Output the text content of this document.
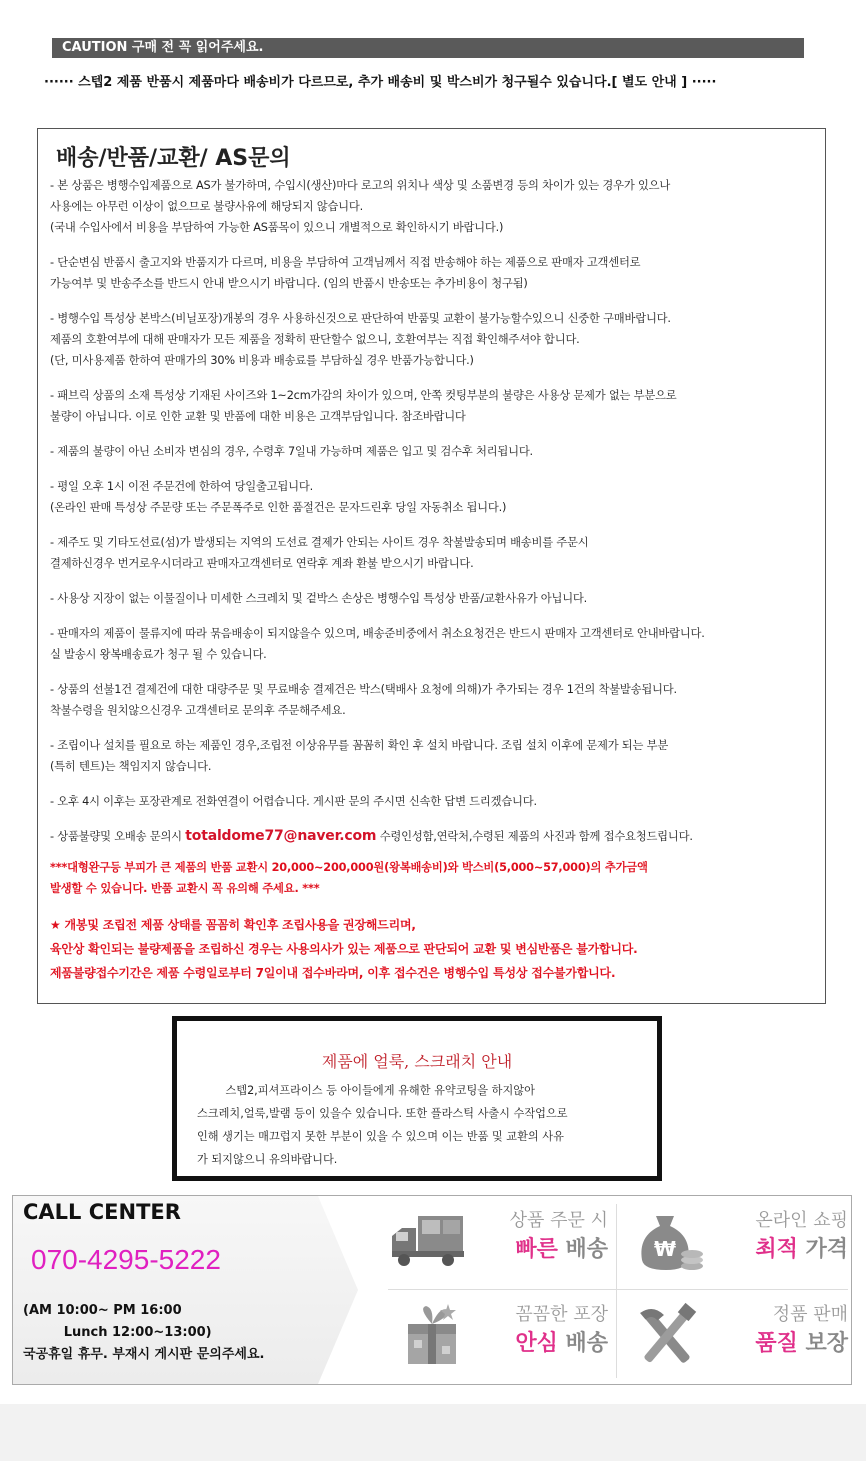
CAUTION 구매 전 꼭 읽어주세요.
······ 스텝2 제품 반품시 제품마다 배송비가 다르므로, 추가 배송비 및 박스비가 청구될수 있습니다.[ 별도 안내 ] ·····
배송/반품/교환/ AS문의
- 본 상품은 병행수입제품으로 AS가 불가하며, 수입시(생산)마다 로고의 위치나 색상 및 소품변경 등의 차이가 있는 경우가 있으나
사용에는 아무런 이상이 없으므로 불량사유에 해당되지 않습니다.
(국내 수입사에서 비용을 부담하여 가능한 AS품목이 있으니 개별적으로 확인하시기 바랍니다.)
- 단순변심 반품시 출고지와 반품지가 다르며, 비용을 부담하여 고객님께서 직접 반송해야 하는 제품으로 판매자 고객센터로
가능여부 및 반송주소를 반드시 안내 받으시기 바랍니다. (임의 반품시 반송또는 추가비용이 청구됨)
- 병행수입 특성상 본박스(비닐포장)개봉의 경우 사용하신것으로 판단하여 반품및 교환이 불가능할수있으니 신중한 구매바랍니다.
제품의 호환여부에 대해 판매자가 모든 제품을 정확히 판단할수 없으니, 호환여부는 직접 확인해주셔야 합니다.
(단, 미사용제품 한하여 판매가의 30% 비용과 배송료를 부담하실 경우 반품가능합니다.)
- 패브릭 상품의 소재 특성상 기재된 사이즈와 1~2cm가감의 차이가 있으며, 안쪽 컷팅부분의 불량은 사용상 문제가 없는 부분으로
불량이 아닙니다. 이로 인한 교환 및 반품에 대한 비용은 고객부담입니다. 참조바랍니다
- 제품의 불량이 아닌 소비자 변심의 경우, 수령후 7일내 가능하며 제품은 입고 및 검수후 처리됩니다.
- 평일 오후 1시 이전 주문건에 한하여 당일출고됩니다.
(온라인 판매 특성상 주문량 또는 주문폭주로 인한 품절건은 문자드린후 당일 자동취소 됩니다.)
- 제주도 및 기타도선료(섬)가 발생되는 지역의 도선료 결제가 안되는 사이트 경우 착불발송되며 배송비를 주문시
결제하신경우 번거로우시더라고 판매자고객센터로 연락후 계좌 환불 받으시기 바랍니다.
- 사용상 지장이 없는 이물질이나 미세한 스크레치 및 겉박스 손상은 병행수입 특성상 반품/교환사유가 아닙니다.
- 판매자의 제품이 물류지에 따라 묶음배송이 되지않을수 있으며, 배송준비중에서 취소요청건은 반드시 판매자 고객센터로 안내바랍니다.
실 발송시 왕복배송료가 청구 될 수 있습니다.
- 상품의 선불1건 결제건에 대한 대량주문 및 무료배송 결제건은 박스(택배사 요청에 의해)가 추가되는 경우 1건의 착불발송됩니다.
착불수령을 원치않으신경우 고객센터로 문의후 주문해주세요.
- 조립이나 설치를 필요로 하는 제품인 경우,조립전 이상유무를 꼼꼼히 확인 후 설치 바랍니다. 조립 설치 이후에 문제가 되는 부분
(특히 텐트)는 책임지지 않습니다.
- 오후 4시 이후는 포장관계로 전화연결이 어렵습니다. 게시판 문의 주시면 신속한 답변 드리겠습니다.
- 상품불량및 오배송 문의시 totaldome77@naver.com 수령인성함,연락처,수령된 제품의 사진과 함께 접수요청드립니다.
***대형완구등 부피가 큰 제품의 반품 교환시 20,000~200,000원(왕복배송비)와 박스비(5,000~57,000)의 추가금액
발생할 수 있습니다. 반품 교환시 꼭 유의해 주세요. ***
★ 개봉및 조립전 제품 상태를 꼼꼼히 확인후 조립사용을 권장해드리며,
육안상 확인되는 불량제품을 조립하신 경우는 사용의사가 있는 제품으로 판단되어 교환 및 변심반품은 불가합니다.
제품불량접수기간은 제품 수령일로부터 7일이내 접수바라며, 이후 접수건은 병행수입 특성상 접수불가합니다.
제품에 얼룩, 스크래치 안내
스텝2,피셔프라이스 등 아이들에게 유해한 유약코팅을 하지않아
스크레치,얼룩,발램 등이 있을수 있습니다. 또한 플라스틱 사출시 수작업으로
인해 생기는 매끄럽지 못한 부분이 있을 수 있으며 이는 반품 및 교환의 사유
가 되지않으니 유의바랍니다.
CALL CENTER
070-4295-5222
(AM 10:00~ PM 16:00
Lunch 12:00~13:00)
국공휴일 휴무. 부재시 게시판 문의주세요.
상품 주문 시
빠른 배송 ₩
온라인 쇼핑
최적 가격
꼼꼼한 포장
안심 배송
정품 판매
품질 보장
